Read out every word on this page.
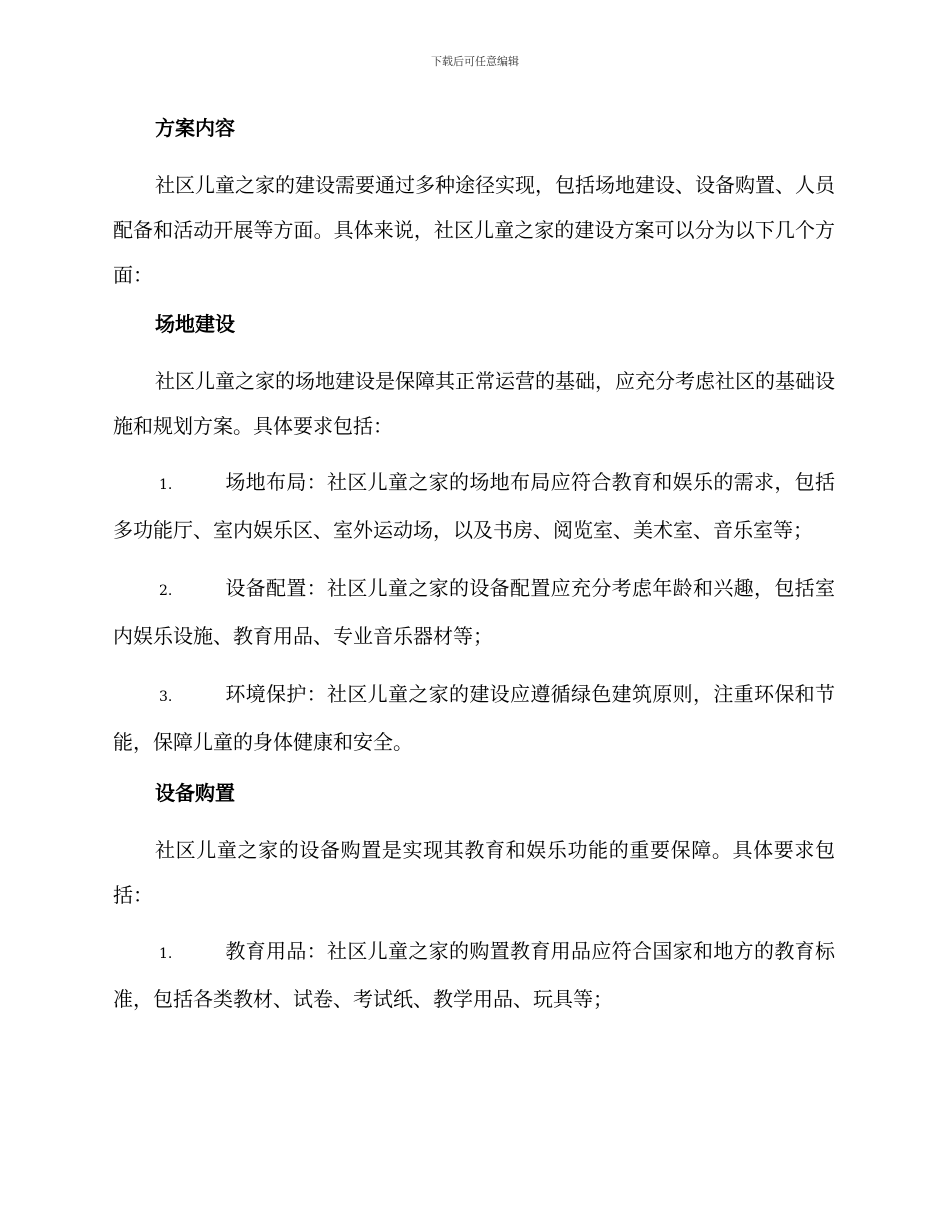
下载后可任意编辑
方案内容

社区儿童之家的建设需要通过多种途径实现，包括场地建设、设备购置、人员配备和活动开展等方面。具体来说，社区儿童之家的建设方案可以分为以下几个方面：

场地建设

社区儿童之家的场地建设是保障其正常运营的基础，应充分考虑社区的基础设施和规划方案。具体要求包括：

1.	场地布局：社区儿童之家的场地布局应符合教育和娱乐的需求，包括多功能厅、室内娱乐区、室外运动场，以及书房、阅览室、美术室、音乐室等；

2.	设备配置：社区儿童之家的设备配置应充分考虑年龄和兴趣，包括室内娱乐设施、教育用品、专业音乐器材等；

3.	环境保护：社区儿童之家的建设应遵循绿色建筑原则，注重环保和节能，保障儿童的身体健康和安全。

设备购置

社区儿童之家的设备购置是实现其教育和娱乐功能的重要保障。具体要求包括：

1.	教育用品：社区儿童之家的购置教育用品应符合国家和地方的教育标准，包括各类教材、试卷、考试纸、教学用品、玩具等；
